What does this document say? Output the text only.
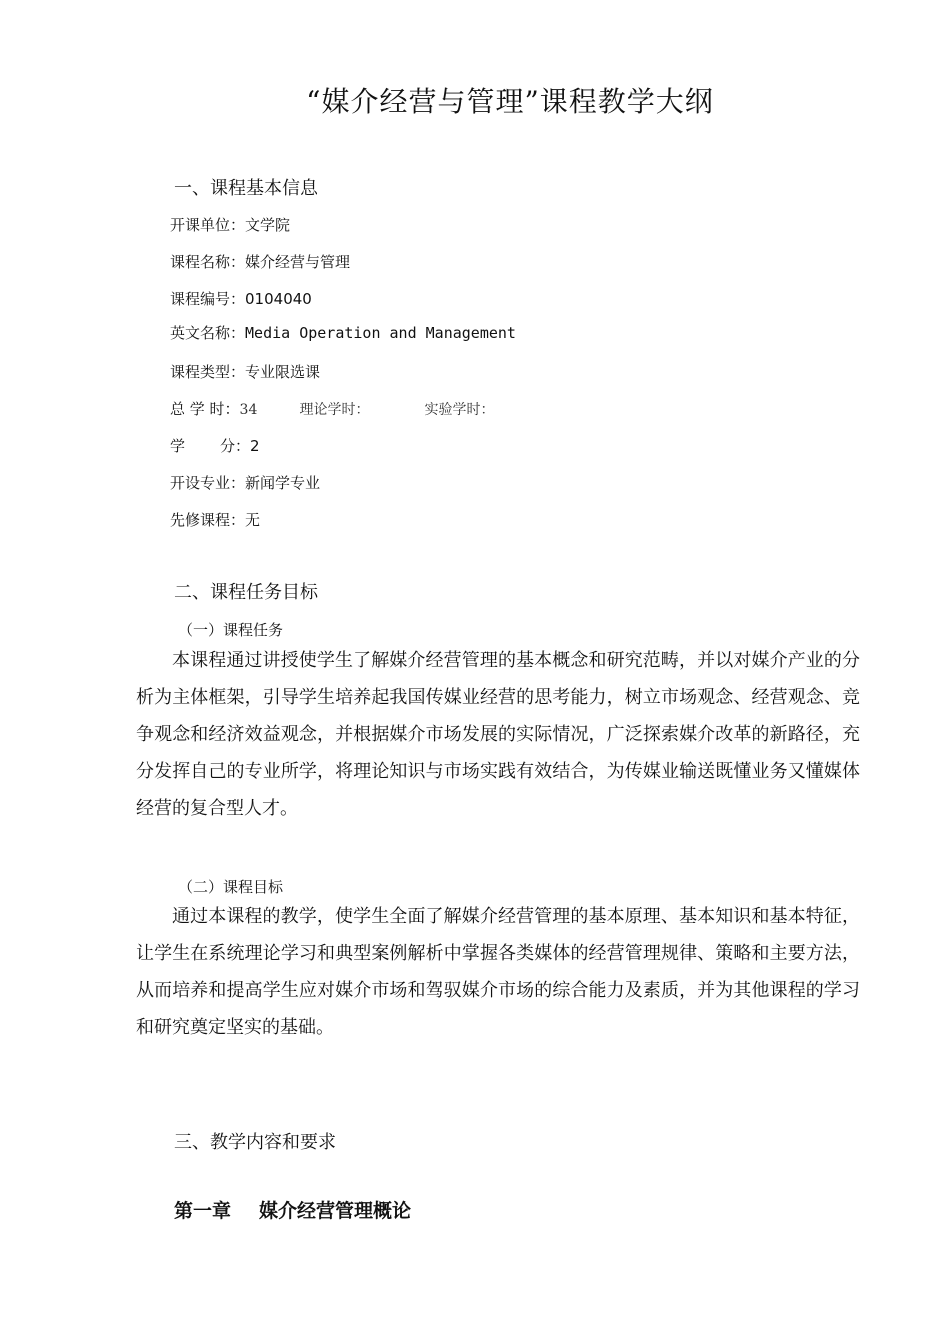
“媒介经营与管理”课程教学大纲
一、课程基本信息
开课单位：文学院
课程名称：媒介经营与管理
课程编号：0104040
英文名称：Media Operation and Management
课程类型：专业限选课
总 学 时：34	理论学时：	实验学时：
学 分：2
开设专业：新闻学专业
先修课程：无
二、课程任务目标
（一）课程任务

本课程通过讲授使学生了解媒介经营管理的基本概念和研究范畴，并以对媒介产业的分析为主体框架，引导学生培养起我国传媒业经营的思考能力，树立市场观念、经营观念、竞争观念和经济效益观念，并根据媒介市场发展的实际情况，广泛探索媒介改革的新路径，充分发挥自己的专业所学，将理论知识与市场实践有效结合，为传媒业输送既懂业务又懂媒体经营的复合型人才。

（二）课程目标

通过本课程的教学，使学生全面了解媒介经营管理的基本原理、基本知识和基本特征，让学生在系统理论学习和典型案例解析中掌握各类媒体的经营管理规律、策略和主要方法，从而培养和提高学生应对媒介市场和驾驭媒介市场的综合能力及素质，并为其他课程的学习和研究奠定坚实的基础。

三、教学内容和要求
第一章 媒介经营管理概论
